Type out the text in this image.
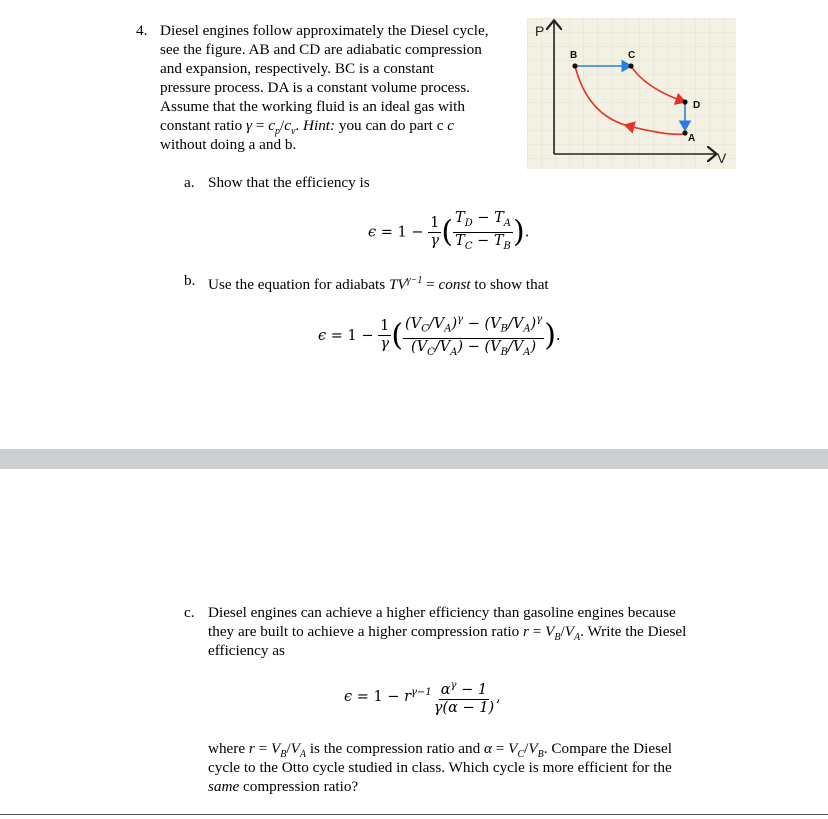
4. Diesel engines follow approximately the Diesel cycle,
see the figure. AB and CD are adiabatic compression
and expansion, respectively. BC is a constant
pressure process. DA is a constant volume process.
Assume that the working fluid is an ideal gas with
constant ratio $\gamma = c_p/c_v$. Hint: you can do part c c
without doing a and b.
P
V
B	C
D
A
a. Show that the efficiency is
$\epsilon = 1 - \frac{1}{\gamma}$ ( $\frac{T_D - T_A}{T_C - T_B}$ ).
b. Use the equation for adiabats $TV^{\gamma-1}$ = const to show that
$\epsilon = 1 - \frac{1}{\gamma}$ ( $\frac{(V_C/V_A)^\gamma - (V_B/V_A)^\gamma}{(V_C/V_A) - (V_B/V_A)}$ ).
c. Diesel engines can achieve a higher efficiency than gasoline engines because
they are built to achieve a higher compression ratio $r = V_B/V_A$. Write the Diesel
efficiency as
$\epsilon = 1 - r^{\gamma-1} \frac{\alpha^\gamma - 1}{\gamma(\alpha - 1)}$ ,
where $r = V_B/V_A$ is the compression ratio and $\alpha = V_C/V_B$. Compare the Diesel
cycle to the Otto cycle studied in class. Which cycle is more efficient for the
same compression ratio?
